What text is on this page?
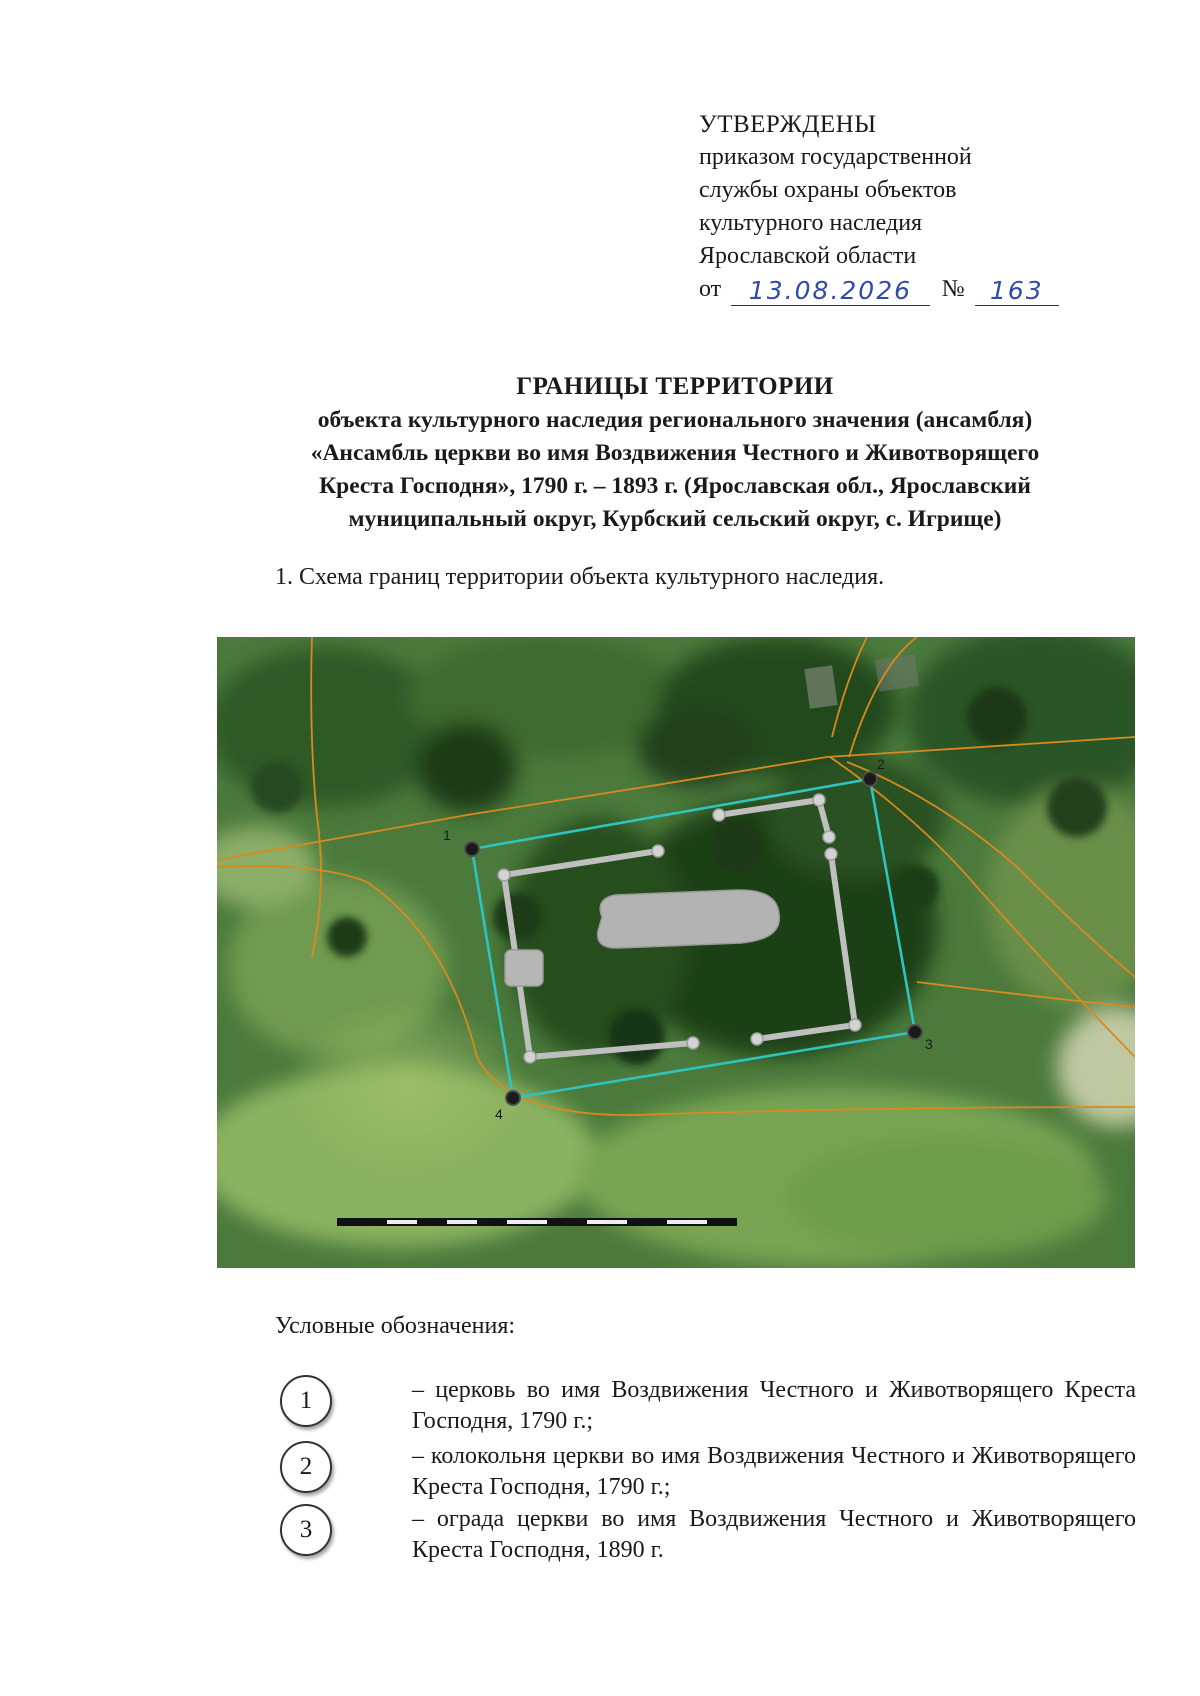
УТВЕРЖДЕНЫ
приказом государственной
службы охраны объектов
культурного наследия
Ярославской области
от	13.08.2026	№	163
ГРАНИЦЫ ТЕРРИТОРИИ
объекта культурного наследия регионального значения (ансамбля)
«Ансамбль церкви во имя Воздвижения Честного и Животворящего
Креста Господня», 1790 г. – 1893 г. (Ярославская обл., Ярославский
муниципальный округ, Курбский сельский округ, с. Игрище)
1. Схема границ территории объекта культурного наследия.
1
2
3
4
Условные обозначения:
1	– церковь во имя Воздвижения Честного и Животворящего Креста Господня, 1790 г.;
2	– колокольня церкви во имя Воздвижения Честного и Животворящего Креста Господня, 1790 г.;
3	– ограда церкви во имя Воздвижения Честного и Животворящего Креста Господня, 1890 г.
